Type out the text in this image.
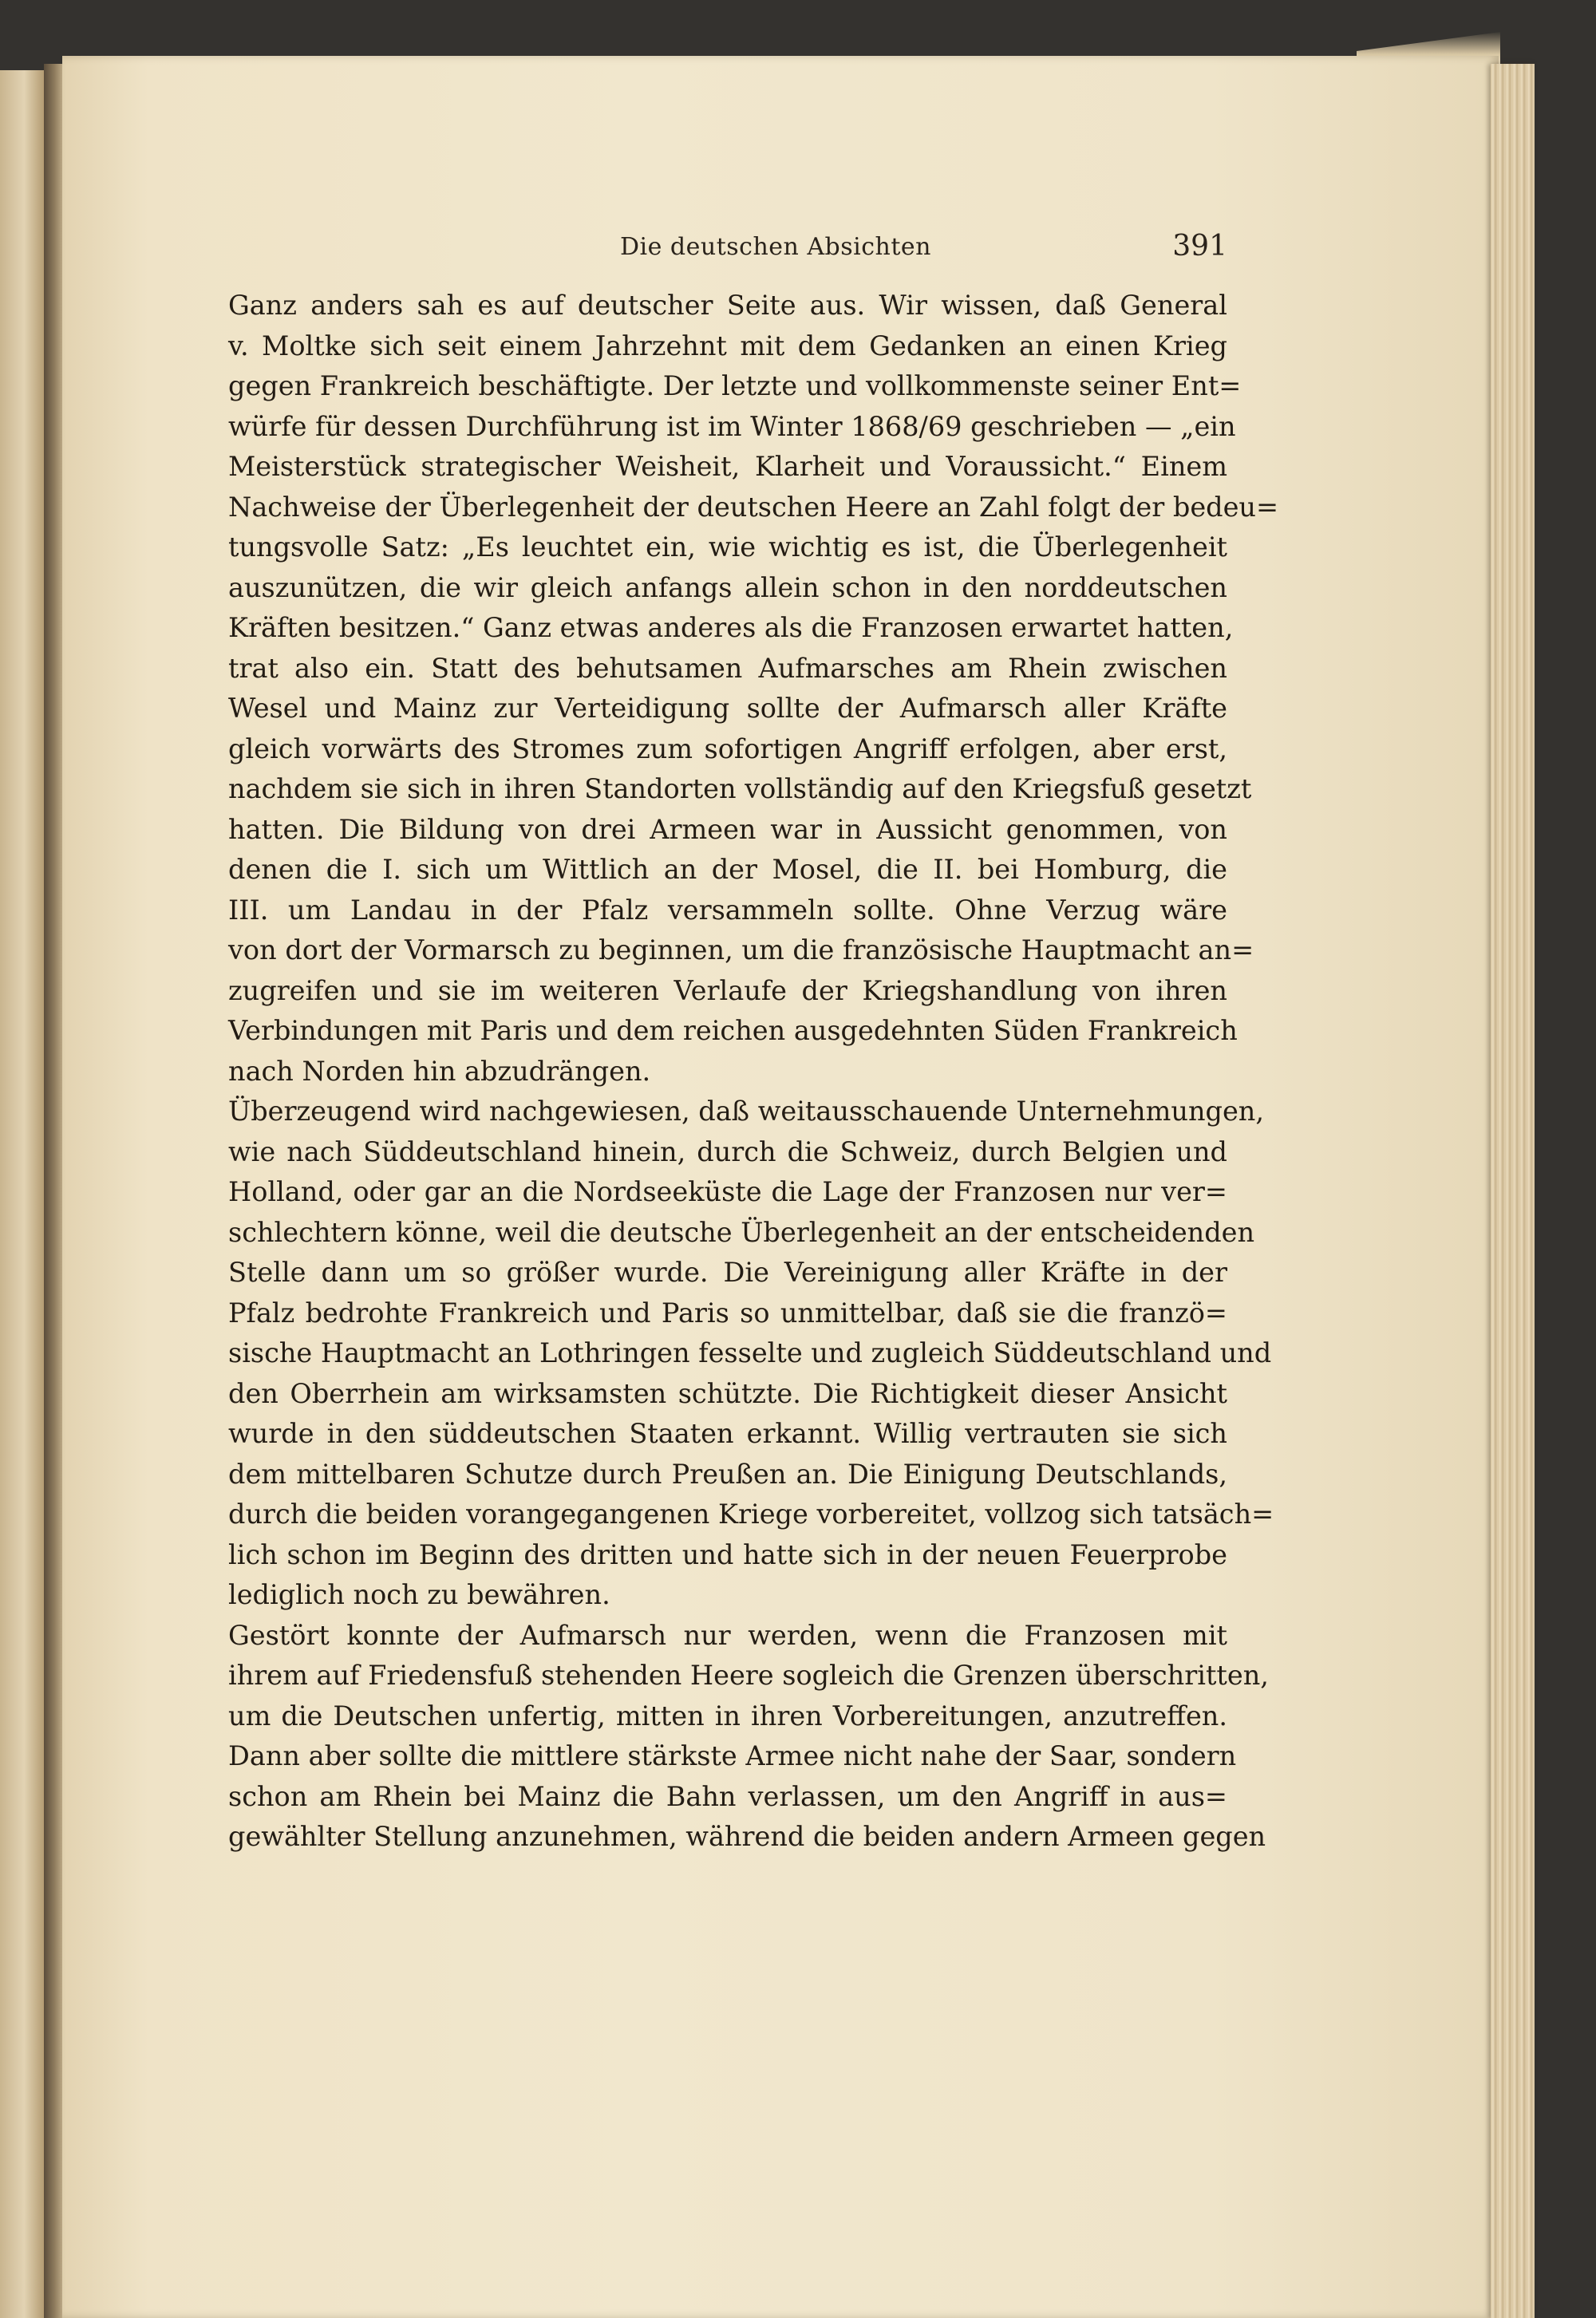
Die deutschen Absichten	391

Ganz anders sah es auf deutscher Seite aus. Wir wissen, daß General
v. Moltke sich seit einem Jahrzehnt mit dem Gedanken an einen Krieg
gegen Frankreich beschäftigte. Der letzte und vollkommenste seiner Ent=
würfe für dessen Durchführung ist im Winter 1868/69 geschrieben — „ein
Meisterstück strategischer Weisheit, Klarheit und Voraussicht.“ Einem
Nachweise der Überlegenheit der deutschen Heere an Zahl folgt der bedeu=
tungsvolle Satz: „Es leuchtet ein, wie wichtig es ist, die Überlegenheit
auszunützen, die wir gleich anfangs allein schon in den norddeutschen
Kräften besitzen.“ Ganz etwas anderes als die Franzosen erwartet hatten,
trat also ein. Statt des behutsamen Aufmarsches am Rhein zwischen
Wesel und Mainz zur Verteidigung sollte der Aufmarsch aller Kräfte
gleich vorwärts des Stromes zum sofortigen Angriff erfolgen, aber erst,
nachdem sie sich in ihren Standorten vollständig auf den Kriegsfuß gesetzt
hatten. Die Bildung von drei Armeen war in Aussicht genommen, von
denen die I. sich um Wittlich an der Mosel, die II. bei Homburg, die
III. um Landau in der Pfalz versammeln sollte. Ohne Verzug wäre
von dort der Vormarsch zu beginnen, um die französische Hauptmacht an=
zugreifen und sie im weiteren Verlaufe der Kriegshandlung von ihren
Verbindungen mit Paris und dem reichen ausgedehnten Süden Frankreich
nach Norden hin abzudrängen.

Überzeugend wird nachgewiesen, daß weitausschauende Unternehmungen,
wie nach Süddeutschland hinein, durch die Schweiz, durch Belgien und
Holland, oder gar an die Nordseeküste die Lage der Franzosen nur ver=
schlechtern könne, weil die deutsche Überlegenheit an der entscheidenden
Stelle dann um so größer wurde. Die Vereinigung aller Kräfte in der
Pfalz bedrohte Frankreich und Paris so unmittelbar, daß sie die franzö=
sische Hauptmacht an Lothringen fesselte und zugleich Süddeutschland und
den Oberrhein am wirksamsten schützte. Die Richtigkeit dieser Ansicht
wurde in den süddeutschen Staaten erkannt. Willig vertrauten sie sich
dem mittelbaren Schutze durch Preußen an. Die Einigung Deutschlands,
durch die beiden vorangegangenen Kriege vorbereitet, vollzog sich tatsäch=
lich schon im Beginn des dritten und hatte sich in der neuen Feuerprobe
lediglich noch zu bewähren.

Gestört konnte der Aufmarsch nur werden, wenn die Franzosen mit
ihrem auf Friedensfuß stehenden Heere sogleich die Grenzen überschritten,
um die Deutschen unfertig, mitten in ihren Vorbereitungen, anzutreffen.
Dann aber sollte die mittlere stärkste Armee nicht nahe der Saar, sondern
schon am Rhein bei Mainz die Bahn verlassen, um den Angriff in aus=
gewählter Stellung anzunehmen, während die beiden andern Armeen gegen
